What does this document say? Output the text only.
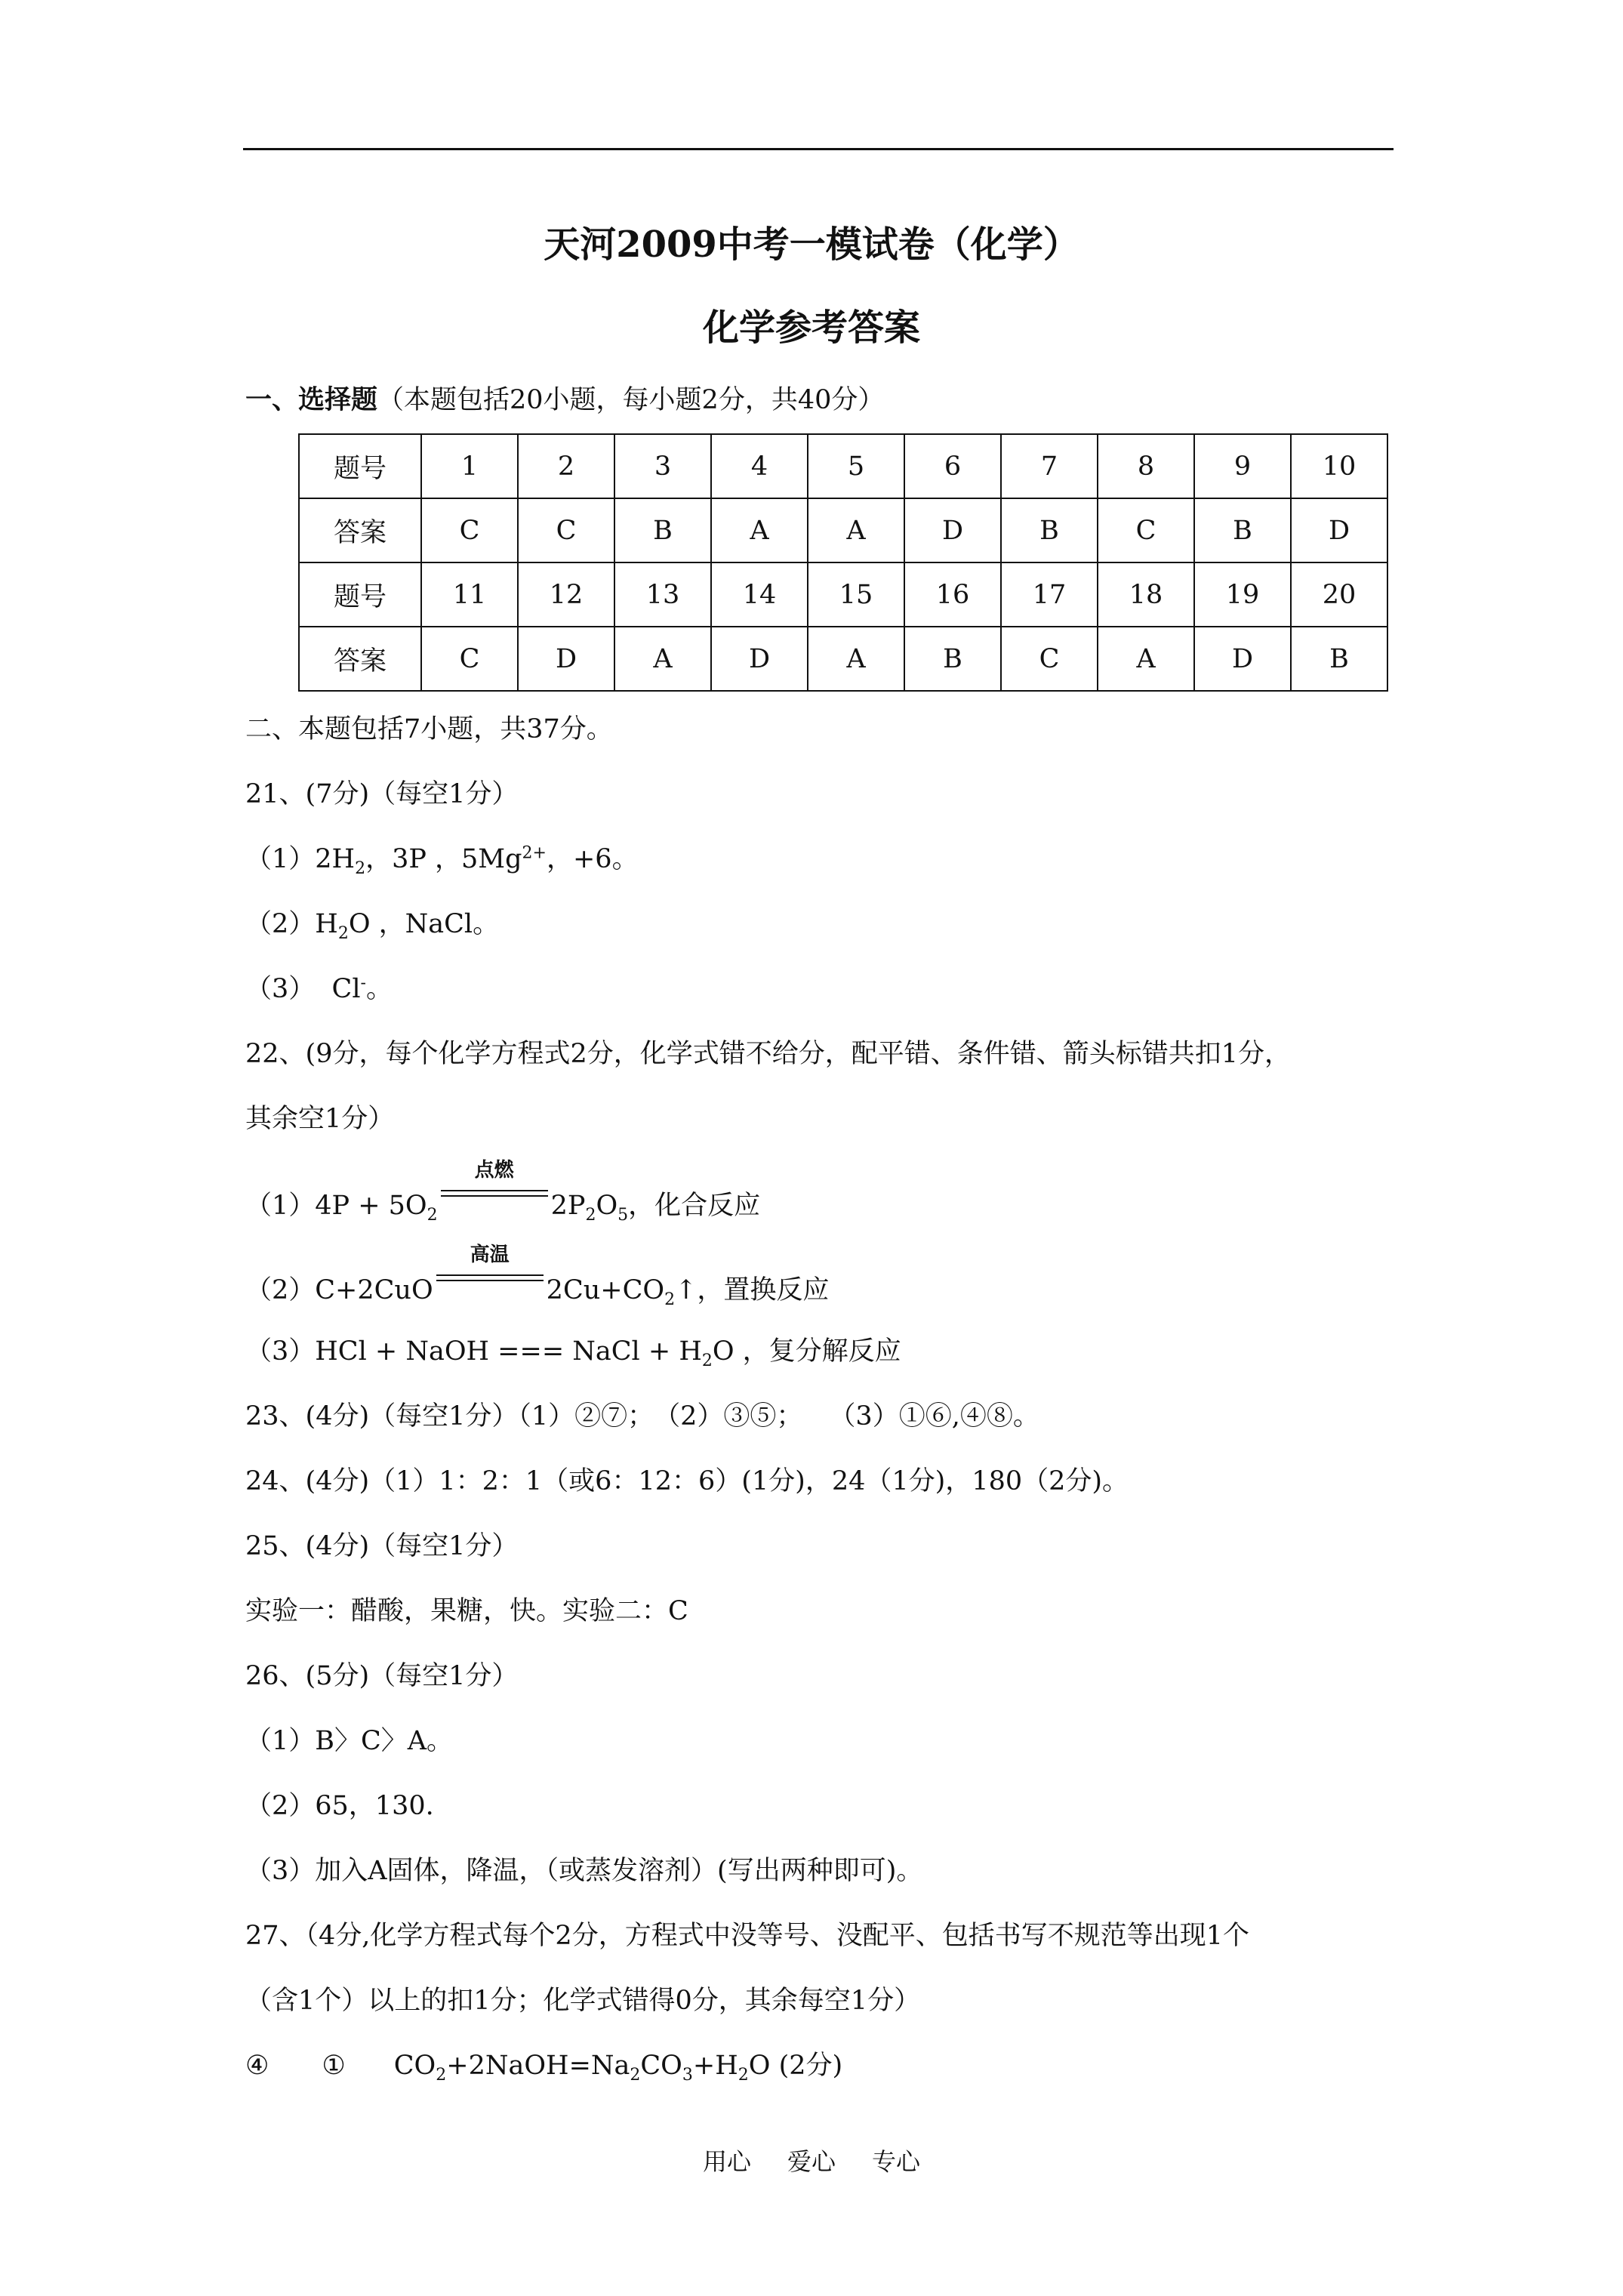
天河2009中考一模试卷（化学）
化学参考答案
一、选择题（本题包括20小题，每小题2分，共40分）
题号	1	2	3	4	5	6	7	8	9	10
答案	C	C	B	A	A	D	B	C	B	D
题号	11	12	13	14	15	16	17	18	19	20
答案	C	D	A	D	A	B	C	A	D	B
二、本题包括7小题，共37分。
21、(7分)（每空1分）
$(1)2H_2$，3P ，$5Mg^{2+}$，+6。
$(2)H_2O$ ，NaCl。
（3） Cl-。
22、(9分，每个化学方程式2分，化学式错不给分，配平错、条件错、箭头标错共扣1分，
其余空1分）
$(1)4P + 5O_2$
点燃
$2P_2O_5$，化合反应
（2）C+2CuO
高温
$2Cu+CO_2↑$，置换反应
（3）HCl + NaOH === NaCl + $H_2O$ ，复分解反应
23、(4分)（每空1分）（1）②⑦；　（2）③⑤；　　（3）①⑥,④⑧。
24、(4分)（1）1：2：1（或6：12：6）(1分)，24（1分)，180（2分)。
25、(4分)（每空1分）
实验一：醋酸，果糖，快。实验二：C
26、(5分)（每空1分）
（1）B〉C〉A。
（2）65，130.
（3）加入A固体，降温，（或蒸发溶剂）(写出两种即可)。
27、（4分,化学方程式每个2分，方程式中没等号、没配平、包括书写不规范等出现1个
（含1个）以上的扣1分；化学式错得0分，其余每空1分）
④ ① $CO_2+2NaOH=Na_2CO_3+H_2O$ (2分)
用心 爱心 专心
